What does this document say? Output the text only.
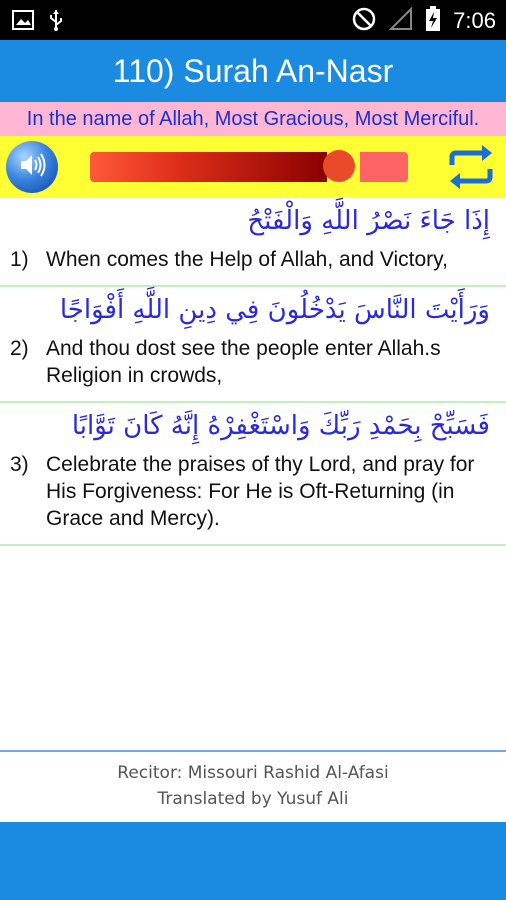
7:06
110) Surah An-Nasr
In the name of Allah, Most Gracious, Most Merciful.
إِذَا جَاءَ نَصْرُ اللَّهِ وَالْفَتْحُ
1) When comes the Help of Allah, and Victory,
وَرَأَيْتَ النَّاسَ يَدْخُلُونَ فِي دِينِ اللَّهِ أَفْوَاجًا
2) And thou dost see the people enter Allah.s Religion in crowds,
فَسَبِّحْ بِحَمْدِ رَبِّكَ وَاسْتَغْفِرْهُ إِنَّهُ كَانَ تَوَّابًا
3) Celebrate the praises of thy Lord, and pray for His Forgiveness: For He is Oft-Returning (in Grace and Mercy).
Recitor: Missouri Rashid Al-Afasi
Translated by Yusuf Ali
